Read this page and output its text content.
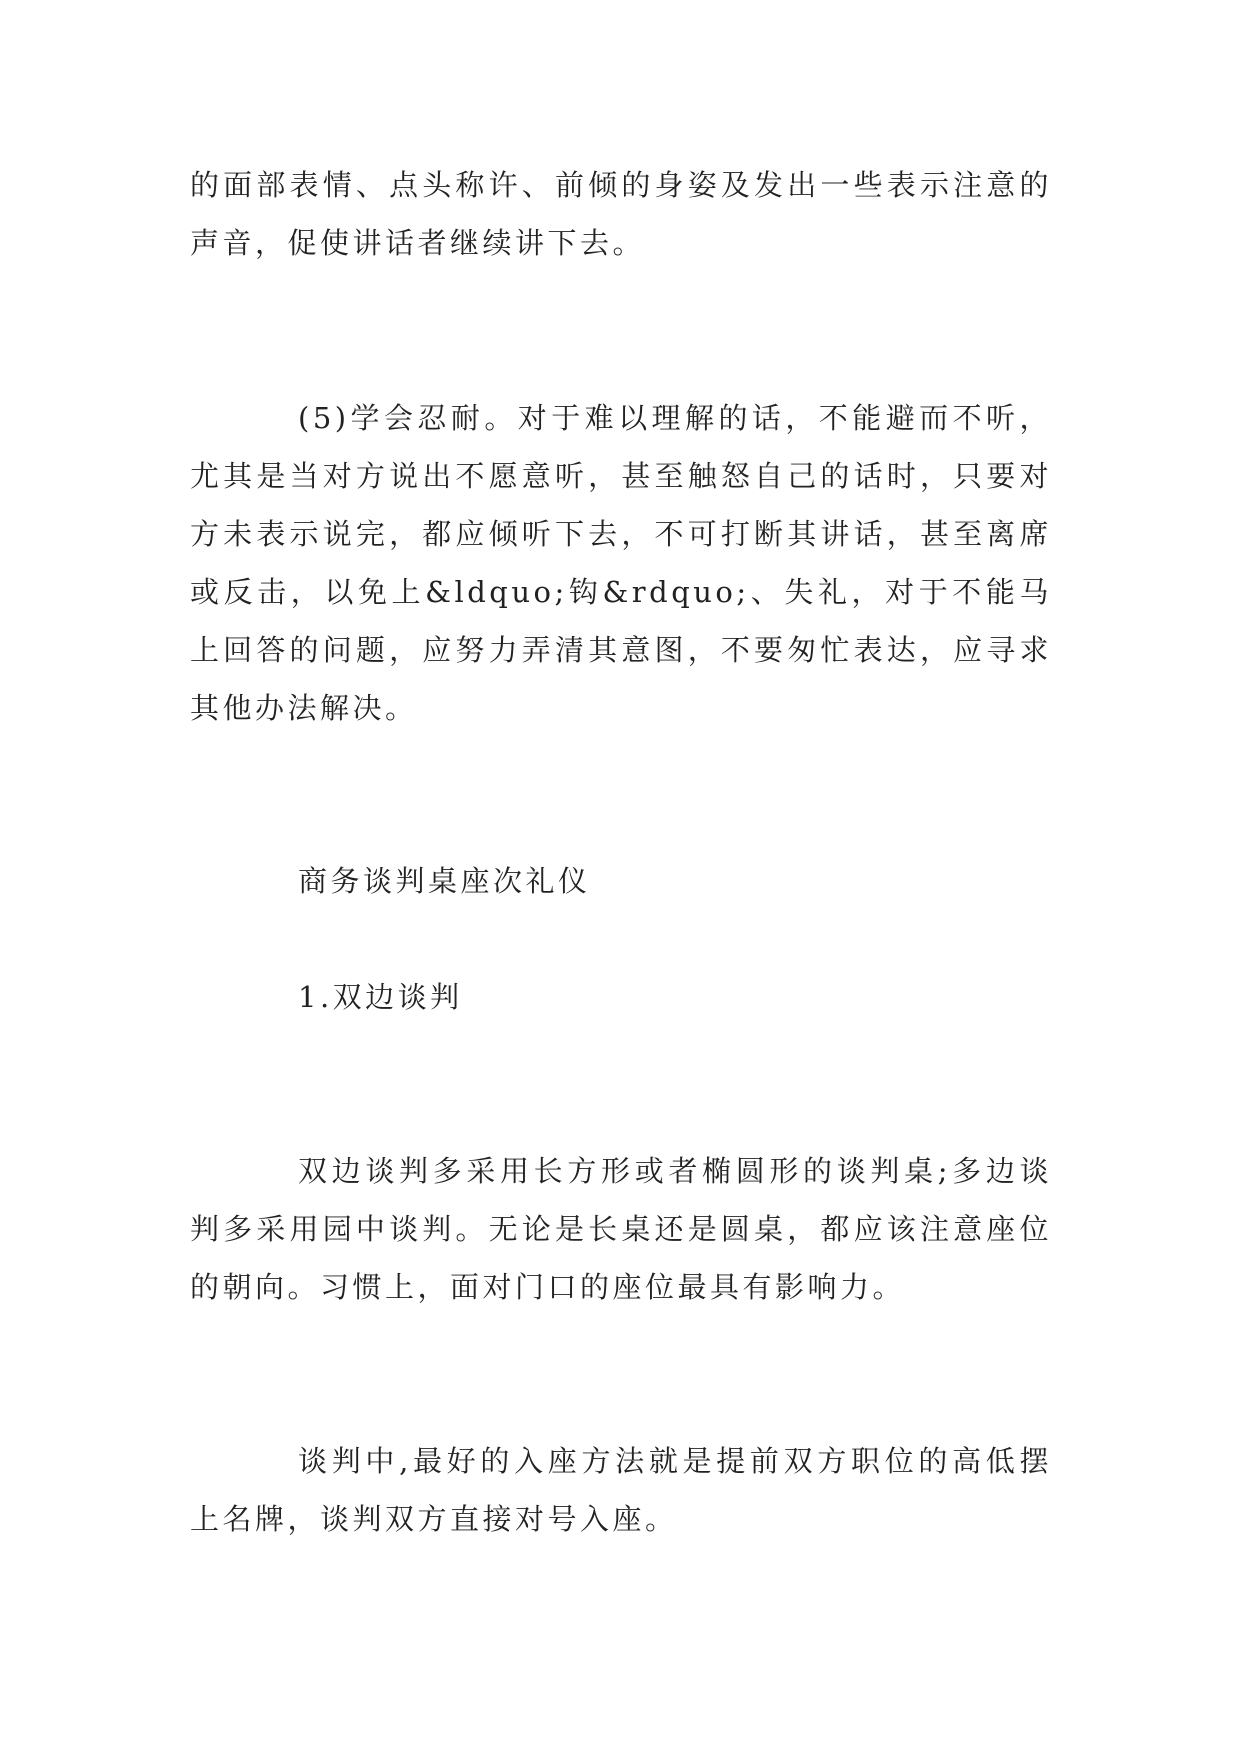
的面部表情、点头称许、前倾的身姿及发出一些表示注意的声音，促使讲话者继续讲下去。

(5)学会忍耐。对于难以理解的话，不能避而不听，尤其是当对方说出不愿意听，甚至触怒自己的话时，只要对方未表示说完，都应倾听下去，不可打断其讲话，甚至离席或反击，以免上&ldquo;钩&rdquo;、失礼，对于不能马上回答的问题，应努力弄清其意图，不要匆忙表达，应寻求其他办法解决。

商务谈判桌座次礼仪

1.双边谈判

双边谈判多采用长方形或者椭圆形的谈判桌;多边谈判多采用园中谈判。无论是长桌还是圆桌，都应该注意座位的朝向。习惯上，面对门口的座位最具有影响力。

谈判中,最好的入座方法就是提前双方职位的高低摆上名牌，谈判双方直接对号入座。
